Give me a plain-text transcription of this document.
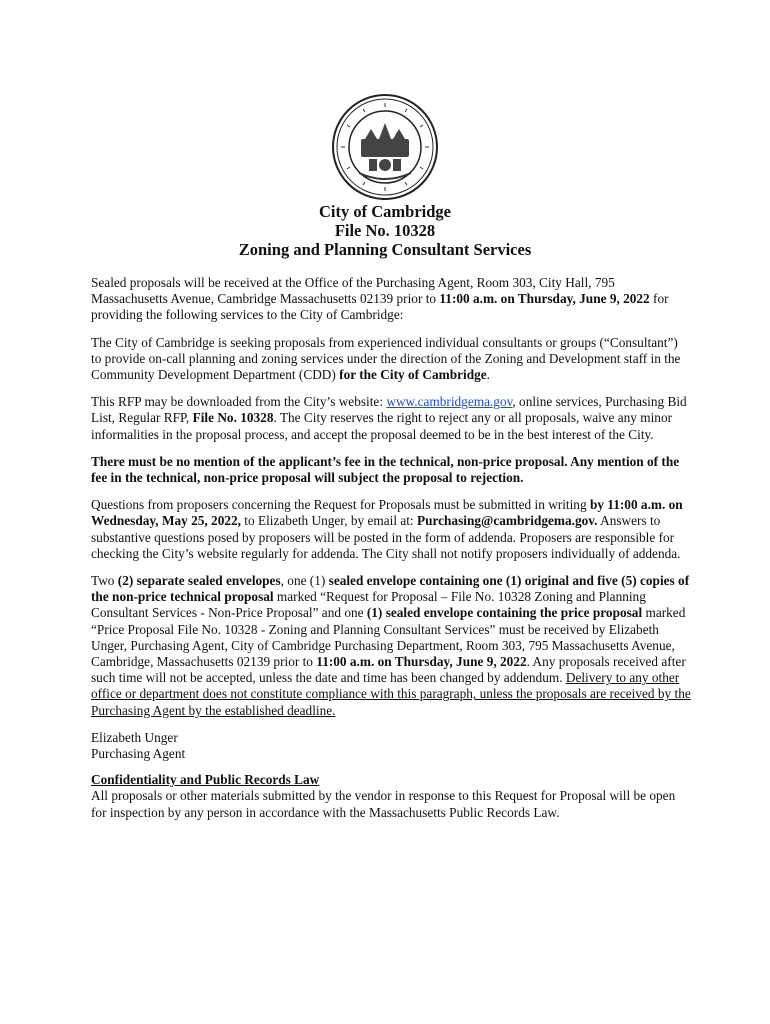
City of Cambridge
File No. 10328
Zoning and Planning Consultant Services

Sealed proposals will be received at the Office of the Purchasing Agent, Room 303, City Hall, 795 Massachusetts Avenue, Cambridge Massachusetts 02139 prior to 11:00 a.m. on Thursday, June 9, 2022 for providing the following services to the City of Cambridge:

The City of Cambridge is seeking proposals from experienced individual consultants or groups (“Consultant”) to provide on-call planning and zoning services under the direction of the Zoning and Development staff in the Community Development Department (CDD) for the City of Cambridge.

This RFP may be downloaded from the City’s website: www.cambridgema.gov, online services, Purchasing Bid List, Regular RFP, File No. 10328. The City reserves the right to reject any or all proposals, waive any minor informalities in the proposal process, and accept the proposal deemed to be in the best interest of the City.

There must be no mention of the applicant’s fee in the technical, non-price proposal. Any mention of the fee in the technical, non-price proposal will subject the proposal to rejection.

Questions from proposers concerning the Request for Proposals must be submitted in writing by 11:00 a.m. on Wednesday, May 25, 2022, to Elizabeth Unger, by email at: Purchasing@cambridgema.gov. Answers to substantive questions posed by proposers will be posted in the form of addenda. Proposers are responsible for checking the City’s website regularly for addenda. The City shall not notify proposers individually of addenda.

Two (2) separate sealed envelopes, one (1) sealed envelope containing one (1) original and five (5) copies of the non-price technical proposal marked “Request for Proposal – File No. 10328 Zoning and Planning Consultant Services - Non-Price Proposal” and one (1) sealed envelope containing the price proposal marked “Price Proposal File No. 10328 - Zoning and Planning Consultant Services” must be received by Elizabeth Unger, Purchasing Agent, City of Cambridge Purchasing Department, Room 303, 795 Massachusetts Avenue, Cambridge, Massachusetts 02139 prior to 11:00 a.m. on Thursday, June 9, 2022. Any proposals received after such time will not be accepted, unless the date and time has been changed by addendum. Delivery to any other office or department does not constitute compliance with this paragraph, unless the proposals are received by the Purchasing Agent by the established deadline.

Elizabeth Unger
Purchasing Agent
Confidentiality and Public Records Law
All proposals or other materials submitted by the vendor in response to this Request for Proposal will be open for inspection by any person in accordance with the Massachusetts Public Records Law.
